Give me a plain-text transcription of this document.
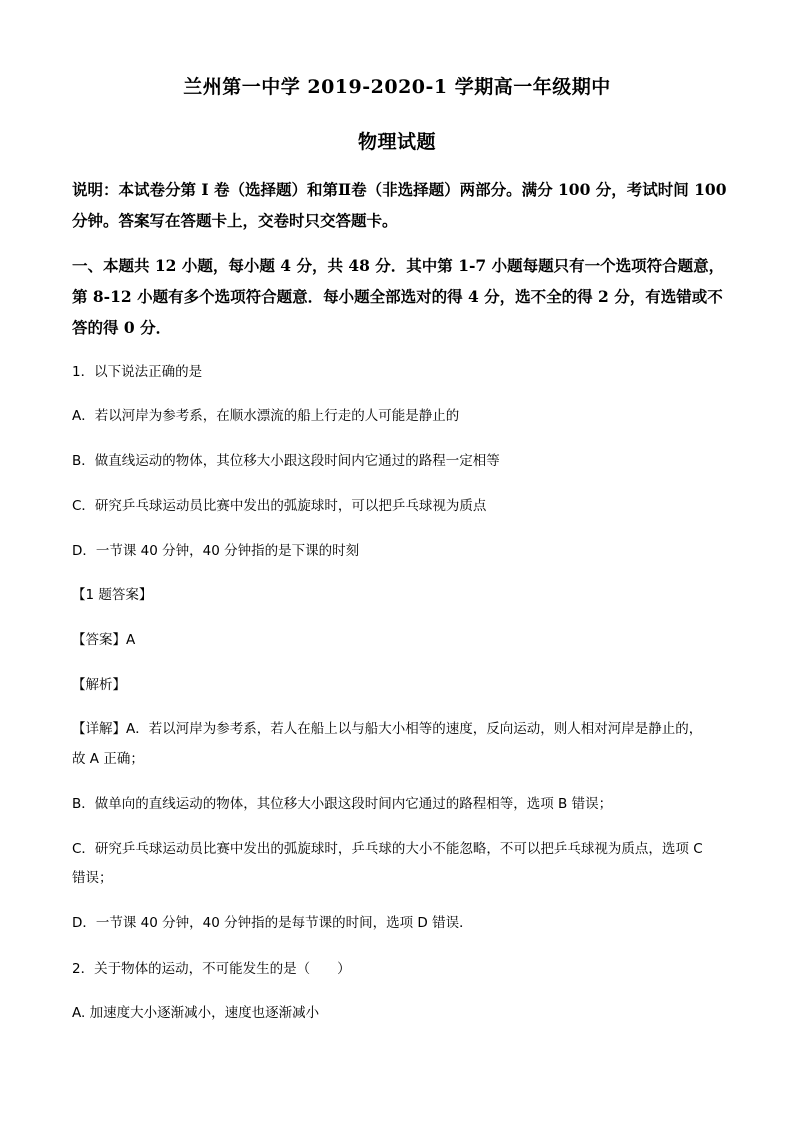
兰州第一中学 2019-2020-1 学期高一年级期中
物理试题
说明：本试卷分第 I 卷（选择题）和第Ⅱ卷（非选择题）两部分。满分 100 分，考试时间 100
分钟。答案写在答题卡上，交卷时只交答题卡。
一、本题共 12 小题，每小题 4 分，共 48 分．其中第 1-7 小题每题只有一个选项符合题意，
第 8-12 小题有多个选项符合题意．每小题全部选对的得 4 分，选不全的得 2 分，有选错或不
答的得 0 分．
1．以下说法正确的是
A．若以河岸为参考系，在顺水漂流的船上行走的人可能是静止的
B．做直线运动的物体，其位移大小跟这段时间内它通过的路程一定相等
C．研究乒乓球运动员比赛中发出的弧旋球时，可以把乒乓球视为质点
D．一节课 40 分钟，40 分钟指的是下课的时刻
【1 题答案】
【答案】A
【解析】
【详解】A．若以河岸为参考系，若人在船上以与船大小相等的速度，反向运动，则人相对河岸是静止的，
故 A 正确；
B．做单向的直线运动的物体，其位移大小跟这段时间内它通过的路程相等，选项 B 错误；
C．研究乒乓球运动员比赛中发出的弧旋球时，乒乓球的大小不能忽略，不可以把乒乓球视为质点，选项 C
错误；
D．一节课 40 分钟，40 分钟指的是每节课的时间，选项 D 错误．
2．关于物体的运动，不可能发生的是（　　）
A. 加速度大小逐渐减小，速度也逐渐减小
